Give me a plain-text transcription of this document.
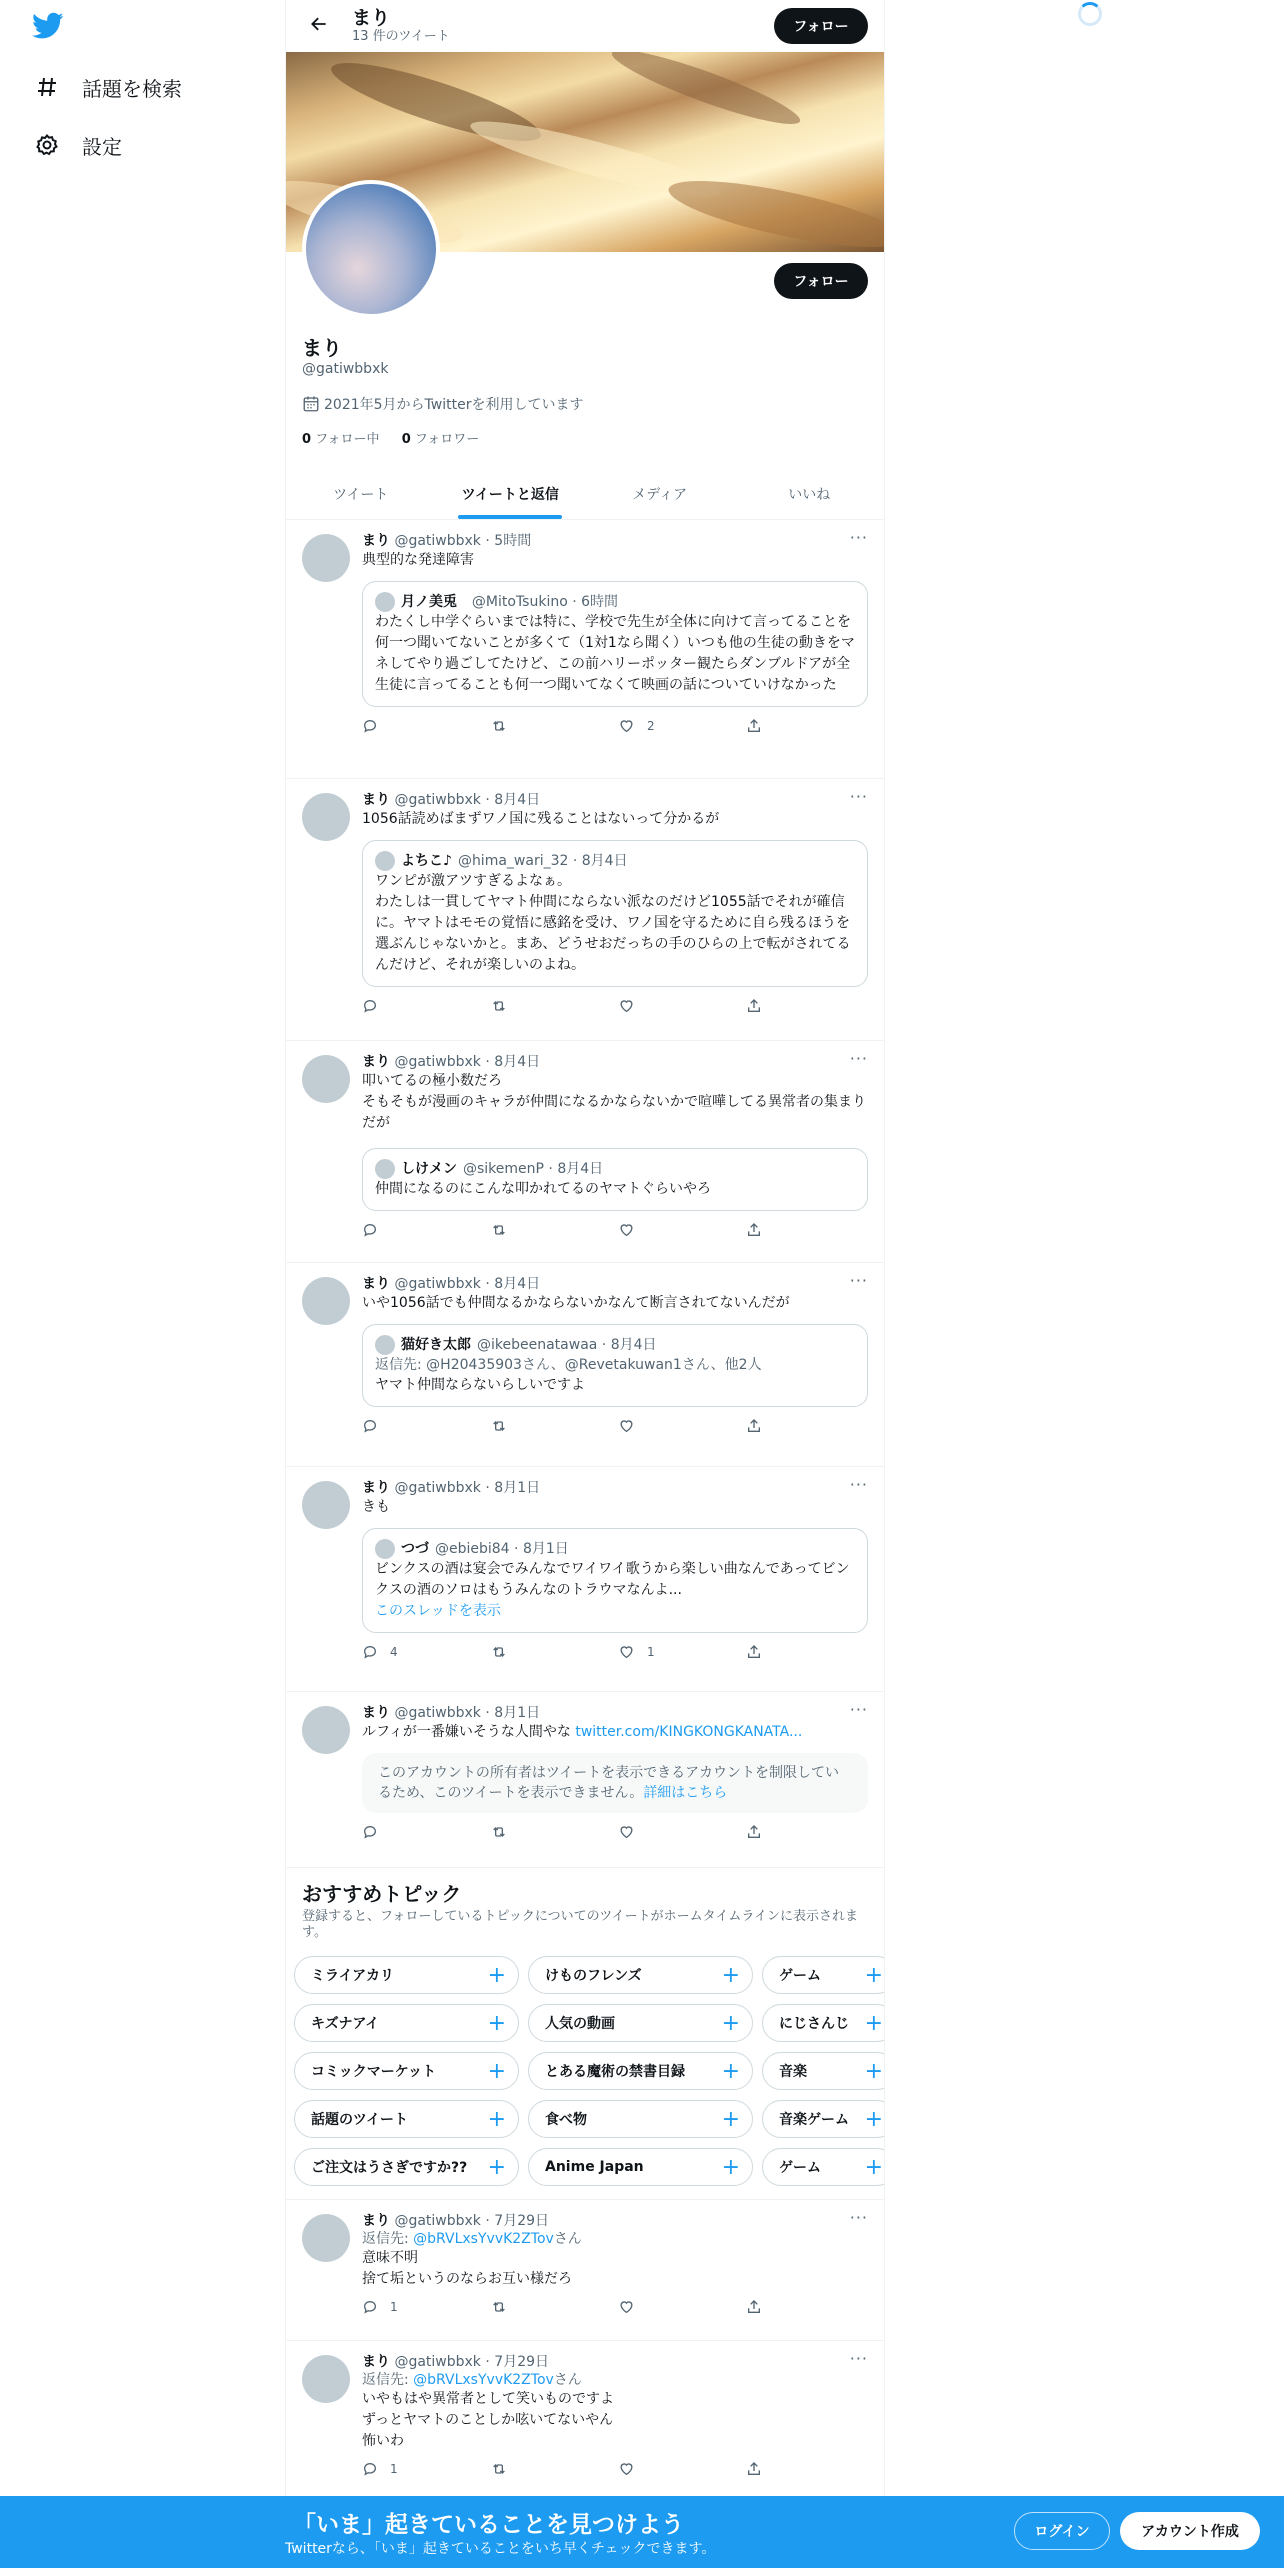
話題を検索
設定
まり
13 件のツイート
フォロー
フォロー
まり
@gatiwbbxk
2021年5月からTwitterを利用しています
0 フォロー中 0 フォロワー
ツイート	ツイートと返信	メディア	いいね
···
まり @gatiwbbxk · 5時間
典型的な発達障害
月ノ美兎
@MitoTsukino · 6時間
わたくし中学ぐらいまでは特に、学校で先生が全体に向けて言ってることを何一つ聞いてないことが多くて（1対1なら聞く）いつも他の生徒の動きをマネしてやり過ごしてたけど、この前ハリーポッター観たらダンブルドアが全生徒に言ってることも何一つ聞いてなくて映画の話についていけなかった
2
···
まり @gatiwbbxk · 8月4日
1056話読めばまずワノ国に残ることはないって分かるが
よちこ♪ @hima_wari_32 · 8月4日
ワンピが激アツすぎるよなぁ。
わたしは一貫してヤマト仲間にならない派なのだけど1055話でそれが確信に。ヤマトはモモの覚悟に感銘を受け、ワノ国を守るために自ら残るほうを選ぶんじゃないかと。まあ、どうせおだっちの手のひらの上で転がされてるんだけど、それが楽しいのよね。
···
まり @gatiwbbxk · 8月4日
叩いてるの極小数だろ
そもそもが漫画のキャラが仲間になるかならないかで喧嘩してる異常者の集まりだが
しけメン @sikemenP · 8月4日
仲間になるのにこんな叩かれてるのヤマトぐらいやろ
···
まり @gatiwbbxk · 8月4日
いや1056話でも仲間なるかならないかなんて断言されてないんだが
猫好き太郎 @ikebeenatawaa · 8月4日
返信先: @H20435903さん、@Revetakuwan1さん、他2人
ヤマト仲間ならないらしいですよ
···
まり @gatiwbbxk · 8月1日
きも
つづ @ebiebi84 · 8月1日
ビンクスの酒は宴会でみんなでワイワイ歌うから楽しい曲なんであってビンクスの酒のソロはもうみんなのトラウマなんよ...
このスレッドを表示
4	1
···
まり @gatiwbbxk · 8月1日
ルフィが一番嫌いそうな人間やな twitter.com/KINGKONGKANATA...
このアカウントの所有者はツイートを表示できるアカウントを制限しているため、このツイートを表示できません。詳細はこちら
おすすめトピック
登録すると、フォローしているトピックについてのツイートがホームタイムラインに表示されます。
ミライアカリ	+	けものフレンズ	+	ゲーム +
キズナアイ	+	人気の動画	+	にじさんじ +
コミックマーケット +	とある魔術の禁書目録 +	音楽	+
話題のツイート	+	食べ物	+	音楽ゲーム +
ご注文はうさぎですか?? +	Anime Japan	+	ゲーム +
···
まり @gatiwbbxk · 7月29日
返信先: @bRVLxsYvvK2ZTovさん
意味不明
捨て垢というのならお互い様だろ
1
···
まり @gatiwbbxk · 7月29日
返信先: @bRVLxsYvvK2ZTovさん
いやもはや異常者として笑いものですよ
ずっとヤマトのことしか呟いてないやん
怖いわ
1
「いま」起きていることを見つけよう
Twitterなら、「いま」起きていることをいち早くチェックできます。
ログイン	アカウント作成
